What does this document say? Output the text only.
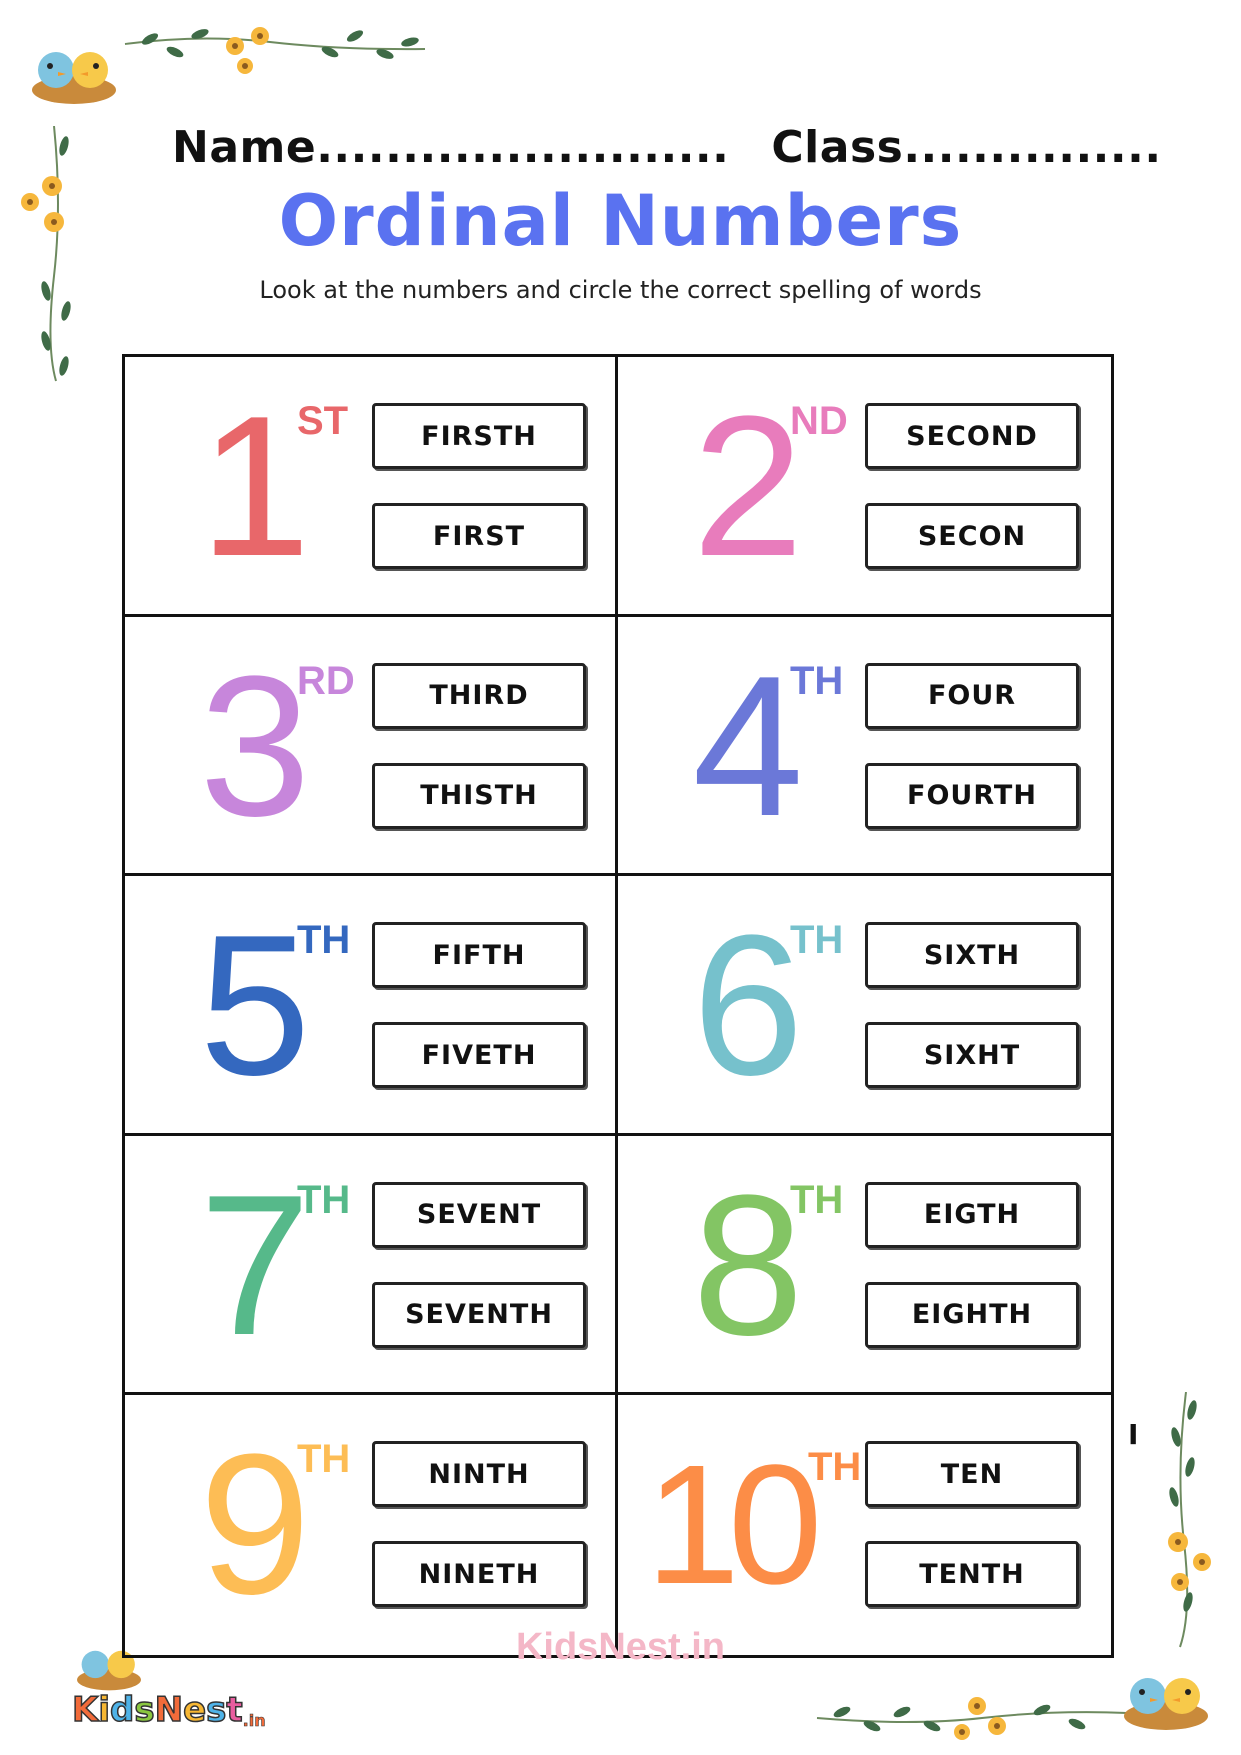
Name........................ Class...............
Ordinal Numbers
Look at the numbers and circle the correct spelling of words
1
ST	FIRSTH
FIRST 2
ND	SECOND
SECON
3
RD	THIRD
THISTH 4
TH	FOUR
FOURTH
5
TH	FIFTH
FIVETH 6
TH	SIXTH
SIXHT
7
TH	SEVENT
SEVENTH 8
TH	EIGTH
EIGHTH
9
TH	NINTH
NINETH 10
TH	TEN
TENTH
I
KidsNest.in
KidsNest.in
